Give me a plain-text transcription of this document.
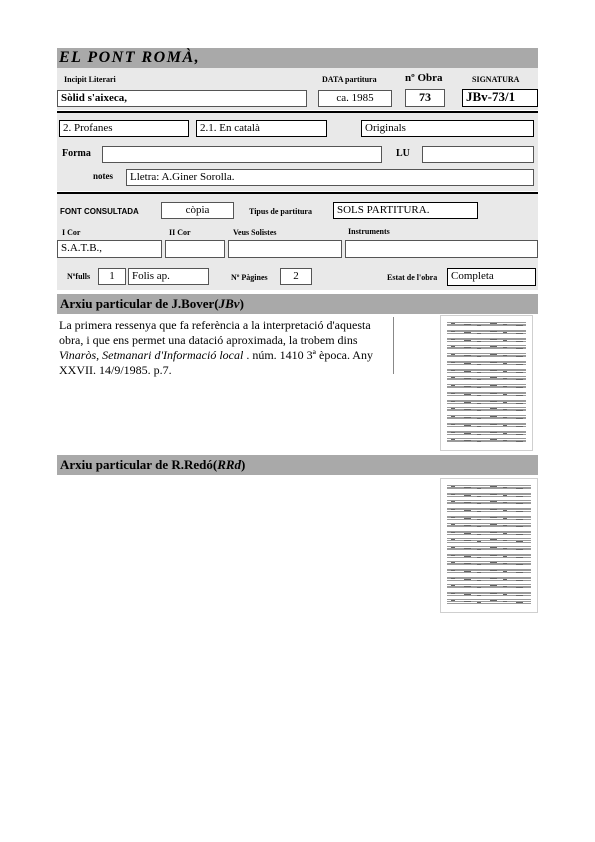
EL PONT ROMÀ,
Incipit Literari
Sòlid s'aixeca,
DATA partitura
ca. 1985
nº Obra
73
SIGNATURA
JBv-73/1
2. Profanes	2.1. En català	Originals
Forma	LU
notes	Lletra: A.Giner Sorolla.
FONT CONSULTADA	còpia	Tipus de partitura	SOLS PARTITURA.
I Cor	II Cor	Veus Solistes	Instruments
S.A.T.B.,
Nºfulls	1	Folis ap.	Nº Pàgines	2	Estat de l'obra	Completa
Arxiu particular de J.Bover(JBv)
La primera ressenya que fa referència a la interpretació d'aquesta obra, i que ens permet una datació aproximada, la trobem dins Vinaròs, Setmanari d'Informació local . núm. 1410 3ª època. Any XXVII. 14/9/1985. p.7.
Arxiu particular de R.Redó(RRd)
